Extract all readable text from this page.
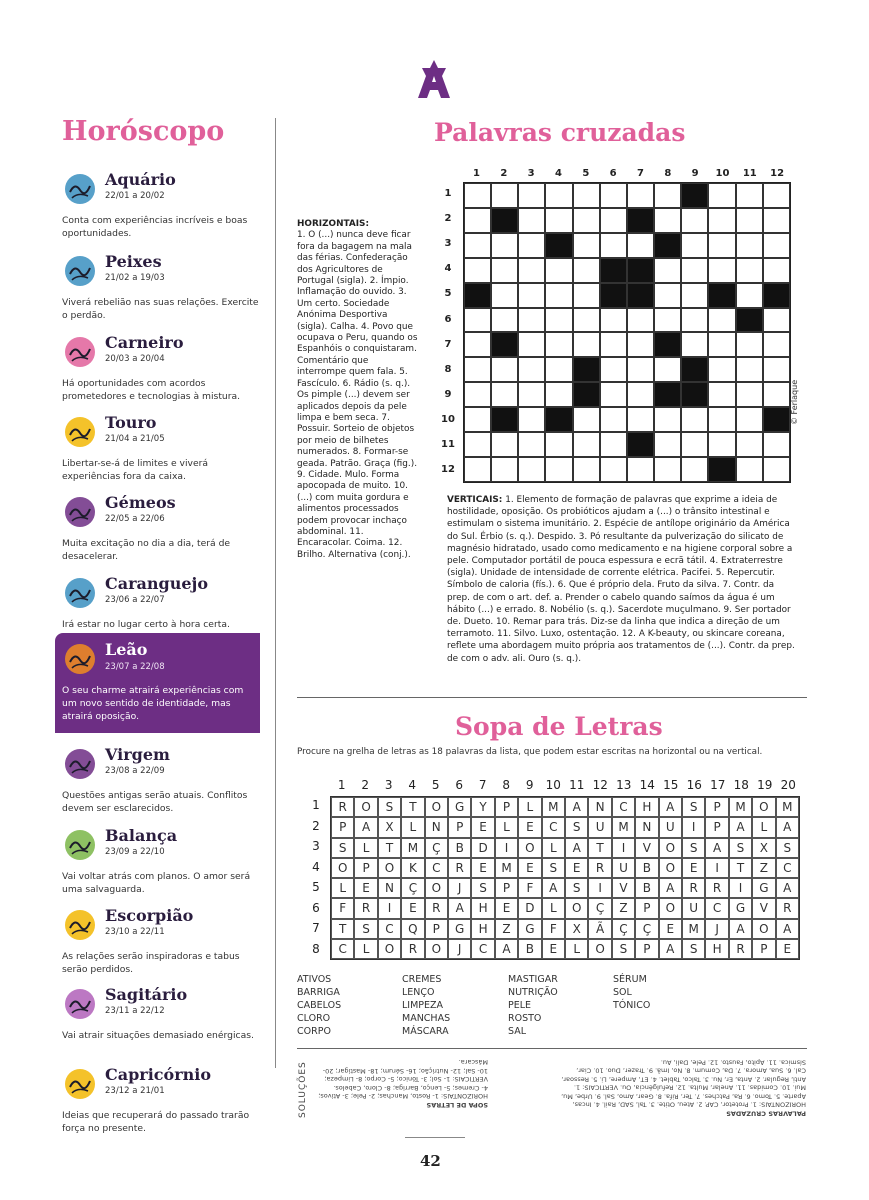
Horóscopo
Aquário
22/01 a 20/02
Conta com experiências incríveis e boas oportunidades.
Peixes
21/02 a 19/03
Viverá rebelião nas suas relações. Exercite o perdão.
Carneiro
20/03 a 20/04
Há oportunidades com acordos prometedores e tecnologias à mistura.
Touro
21/04 a 21/05
Libertar-se-á de limites e viverá experiências fora da caixa.
Gémeos
22/05 a 22/06
Muita excitação no dia a dia, terá de desacelerar.
Caranguejo
23/06 a 22/07
Irá estar no lugar certo à hora certa.
Leão
23/07 a 22/08
O seu charme atrairá experiências com um novo sentido de identidade, mas atrairá oposição.
Virgem
23/08 a 22/09
Questões antigas serão atuais. Conflitos devem ser esclarecidos.
Balança
23/09 a 22/10
Vai voltar atrás com planos. O amor será uma salvaguarda.
Escorpião
23/10 a 22/11
As relações serão inspiradoras e tabus serão perdidos.
Sagitário
23/11 a 22/12
Vai atrair situações demasiado enérgicas.
Capricórnio
23/12 a 21/01
Ideias que recuperará do passado trarão força no presente.
Palavras cruzadas
HORIZONTAIS:
1. O (...) nunca deve ficar fora da bagagem na mala das férias. Confederação dos Agricultores de Portugal (sigla). 2. Ímpio. Inflamação do ouvido. 3. Um certo. Sociedade Anónima Desportiva (sigla). Calha. 4. Povo que ocupava o Peru, quando os Espanhóis o conquistaram. Comentário que interrompe quem fala. 5. Fascículo. 6. Rádio (s. q.). Os pimple (...) devem ser aplicados depois da pele limpa e bem seca. 7. Possuir. Sorteio de objetos por meio de bilhetes numerados. 8. Formar-se geada. Patrão. Graça (fig.). 9. Cidade. Mulo. Forma apocopada de muito. 10. (...) com muita gordura e alimentos processados podem provocar inchaço abdominal. 11. Encaracolar. Coima. 12. Brilho. Alternativa (conj.).
1	2	3	4	5	6	7	8	9	10	11	12
1
2
3
4
5
6
7
8
9
10
11
12
© Ferlaque
VERTICAIS: 1. Elemento de formação de palavras que exprime a ideia de hostilidade, oposição. Os probióticos ajudam a (...) o trânsito intestinal e estimulam o sistema imunitário. 2. Espécie de antílope originário da América do Sul. Érbio (s. q.). Despido. 3. Pó resultante da pulverização do silicato de magnésio hidratado, usado como medicamento e na higiene corporal sobre a pele. Computador portátil de pouca espessura e ecrã tátil. 4. Extraterrestre (sigla). Unidade de intensidade de corrente elétrica. Pacifei. 5. Repercutir. Símbolo de caloria (fís.). 6. Que é próprio dela. Fruto da silva. 7. Contr. da prep. de com o art. def. a. Prender o cabelo quando saímos da água é um hábito (...) e errado. 8. Nobélio (s. q.). Sacerdote muçulmano. 9. Ser portador de. Dueto. 10. Remar para trás. Diz-se da linha que indica a direção de um terramoto. 11. Silvo. Luxo, ostentação. 12. A K-beauty, ou skincare coreana, reflete uma abordagem muito própria aos tratamentos de (...). Contr. da prep. de com o adv. ali. Ouro (s. q.).
Sopa de Letras
Procure na grelha de letras as 18 palavras da lista, que podem estar escritas na horizontal ou na vertical.
1	2	3	4	5	6	7	8	9	10 11 12 13 14 15 16 17 18 19 20
1
2
3
4
5
6
7
8
R	O	S	T	O	G	Y	P	L	M	A	N	C	H	A	S	P	M	O	M
P	A	X	L	N	P	E	L	E	C	S	U	M	N	U	I	P	A	L	A
S	L	T	M	Ç	B	D	I	O	L	A	T	I	V	O	S	A	S	X	S
O	P	O	K	C	R	E	M	E	S	E	R	U	B	O	E	I	T	Z	C
L	E	N	Ç	O	J	S	P	F	A	S	I	V	B	A	R	R	I	G	A
F	R	I	E	R	A	H	E	D	L	O	Ç	Z	P	O	U	C	G	V	R
T	S	C	Q	P	G	H	Z	G	F	X	Ã	Ç	Ç	E	M	J	A	O	A
C	L	O	R	O	J	C	A	B	E	L	O	S	P	A	S	H	R	P	E
ATIVOS
BARRIGA
CABELOS
CLORO
CORPO
CREMES
LENÇO
LIMPEZA
MANCHAS
MÁSCARA
MASTIGAR
NUTRIÇÃO
PELE
ROSTO
SAL
SÉRUM
SOL
TÓNICO
SOLUÇÕES	SOPA DE LETRAS
HORIZONTAIS: 1- Rosto, Manchas; 2- Pele; 3- Ativos; 4- Cremes; 5- Lenço, Barriga; 8- Cloro, Cabelos. VERTICAIS: 1- Sol; 3- Tónico; 5- Corpo; 8- Limpeza; 10- Sal; 12- Nutrição; 16- Sérum; 18- Mastigar; 20- Máscara.
PALAVRAS CRUZADAS
HORIZONTAIS: 1. Protetor, CAP. 2. Ateu, Otite. 3. Tal, SAD, Rail. 4. Incas, Aparte. 5. Tomo. 6. Ra, Patches. 7. Ter, Rifa. 8. Gear, Amo, Sal. 9. Urbe, Mu, Mui. 10. Comidas. 11. Anelar, Multa. 12. Refulgência, Ou. VERTICAIS: 1. Anti, Regular. 2. Anta, Er, Nu. 3. Talco, Tablet. 4. ET, Ampere, Li. 5. Ressoar, Cal. 6. Sua, Amora. 7. Da, Comum. 8. No, Imã. 9. Trazer, Duo. 10. Ciar, Sísmica. 11. Apito, Fausto. 12. Pele, Dali, Au.
42
